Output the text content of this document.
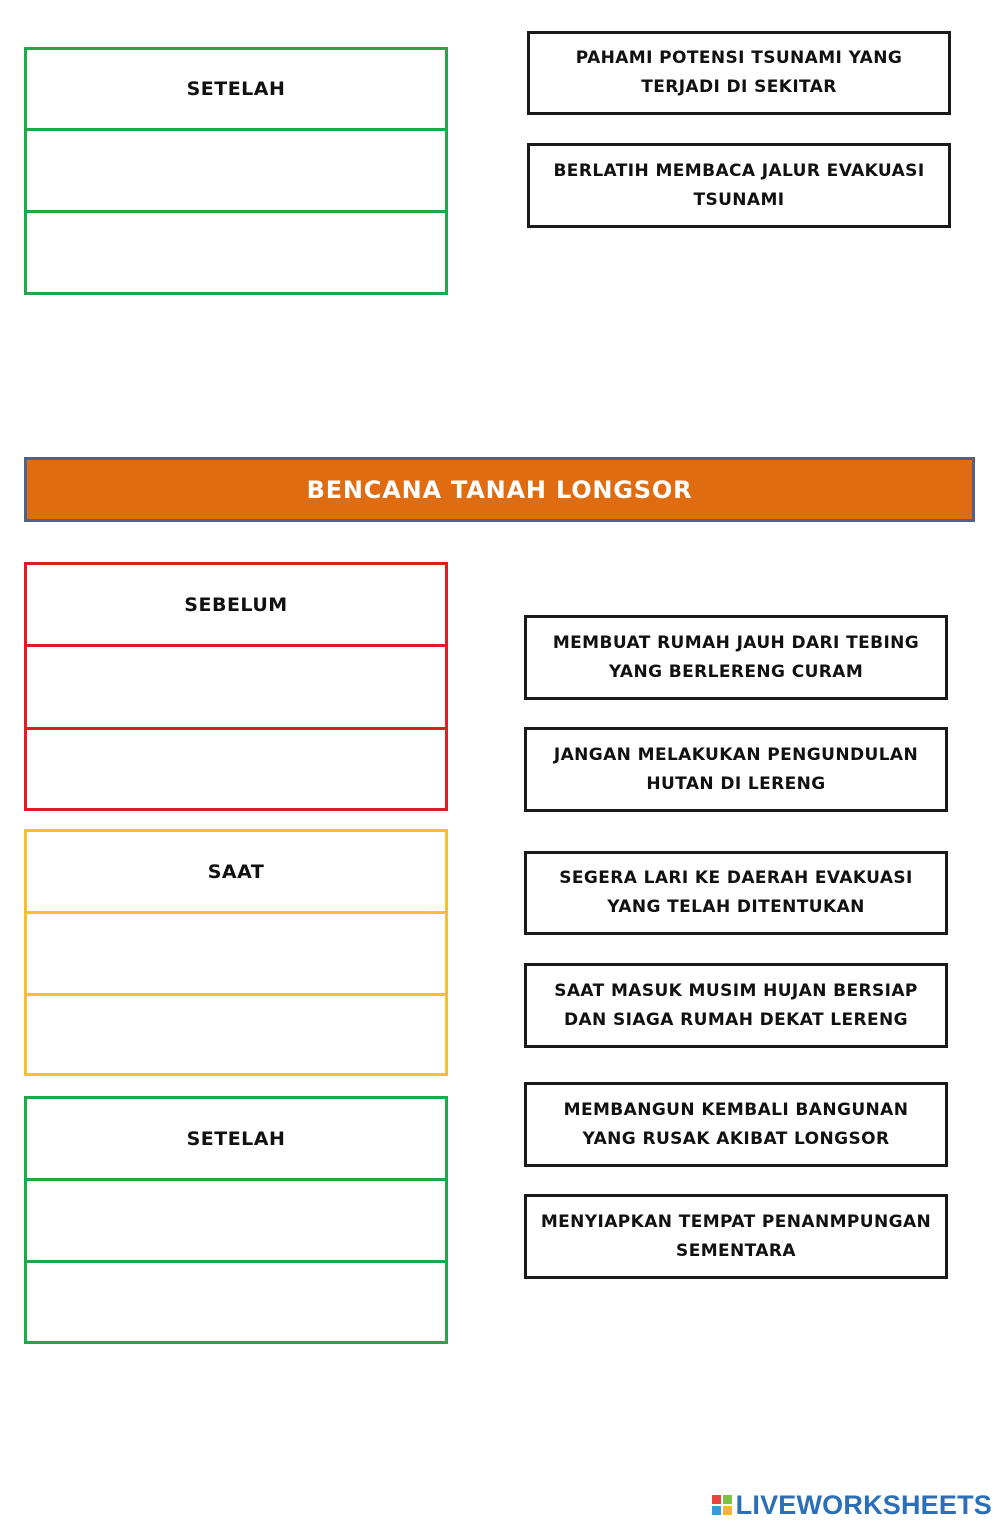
SETELAH
PAHAMI POTENSI TSUNAMI YANG TERJADI DI SEKITAR
BERLATIH MEMBACA JALUR EVAKUASI TSUNAMI
BENCANA TANAH LONGSOR
SEBELUM
SAAT
SETELAH
MEMBUAT RUMAH JAUH DARI TEBING YANG BERLERENG CURAM
JANGAN MELAKUKAN PENGUNDULAN HUTAN DI LERENG
SEGERA LARI KE DAERAH EVAKUASI YANG TELAH DITENTUKAN
SAAT MASUK MUSIM HUJAN BERSIAP DAN SIAGA RUMAH DEKAT LERENG
MEMBANGUN KEMBALI BANGUNAN YANG RUSAK AKIBAT LONGSOR
MENYIAPKAN TEMPAT PENANMPUNGAN SEMENTARA
LIVEWORKSHEETS
